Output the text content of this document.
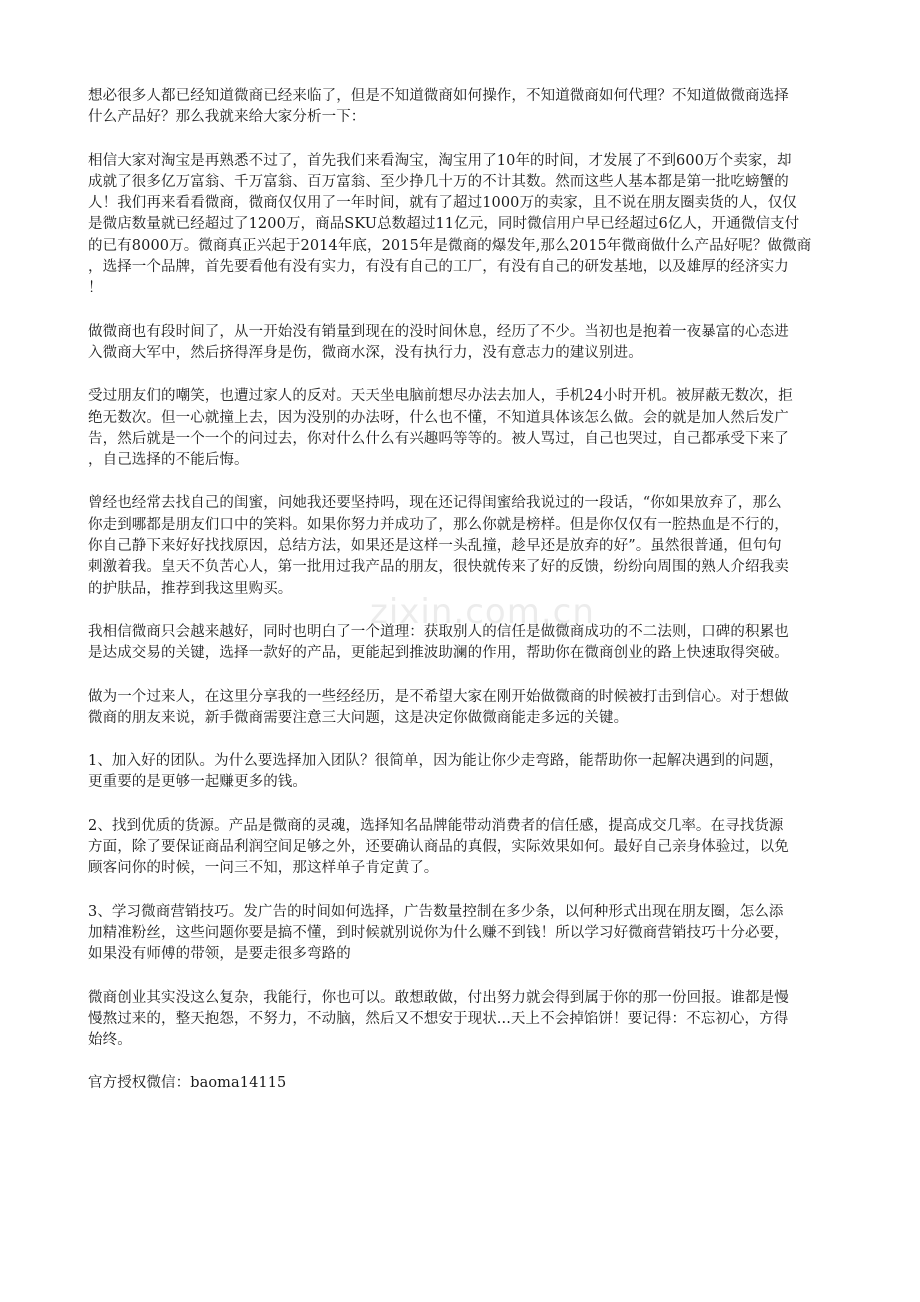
想必很多人都已经知道微商已经来临了，但是不知道微商如何操作，不知道微商如何代理？不知道做微商选择
什么产品好？那么我就来给大家分析一下：

相信大家对淘宝是再熟悉不过了，首先我们来看淘宝，淘宝用了10年的时间，才发展了不到600万个卖家，却
成就了很多亿万富翁、千万富翁、百万富翁、至少挣几十万的不计其数。然而这些人基本都是第一批吃螃蟹的
人！我们再来看看微商，微商仅仅用了一年时间，就有了超过1000万的卖家，且不说在朋友圈卖货的人，仅仅
是微店数量就已经超过了1200万，商品SKU总数超过11亿元，同时微信用户早已经超过6亿人，开通微信支付
的已有8000万。微商真正兴起于2014年底，2015年是微商的爆发年,那么2015年微商做什么产品好呢？做微商
，选择一个品牌，首先要看他有没有实力，有没有自己的工厂，有没有自己的研发基地，以及雄厚的经济实力
！

做微商也有段时间了，从一开始没有销量到现在的没时间休息，经历了不少。当初也是抱着一夜暴富的心态进
入微商大军中，然后挤得浑身是伤，微商水深，没有执行力，没有意志力的建议别进。

受过朋友们的嘲笑，也遭过家人的反对。天天坐电脑前想尽办法去加人，手机24小时开机。被屏蔽无数次，拒
绝无数次。但一心就撞上去，因为没别的办法呀，什么也不懂，不知道具体该怎么做。会的就是加人然后发广
告，然后就是一个一个的问过去，你对什么什么有兴趣吗等等的。被人骂过，自己也哭过，自己都承受下来了
，自己选择的不能后悔。

曾经也经常去找自己的闺蜜，问她我还要坚持吗，现在还记得闺蜜给我说过的一段话，“你如果放弃了，那么
你走到哪都是朋友们口中的笑料。如果你努力并成功了，那么你就是榜样。但是你仅仅有一腔热血是不行的，
你自己静下来好好找找原因，总结方法，如果还是这样一头乱撞，趁早还是放弃的好”。虽然很普通，但句句
刺激着我。皇天不负苦心人，第一批用过我产品的朋友，很快就传来了好的反馈，纷纷向周围的熟人介绍我卖
的护肤品，推荐到我这里购买。

我相信微商只会越来越好，同时也明白了一个道理：获取别人的信任是做微商成功的不二法则，口碑的积累也
是达成交易的关键，选择一款好的产品，更能起到推波助澜的作用，帮助你在微商创业的路上快速取得突破。

做为一个过来人，在这里分享我的一些经经历，是不希望大家在刚开始做微商的时候被打击到信心。对于想做
微商的朋友来说，新手微商需要注意三大问题，这是决定你做微商能走多远的关键。

1、加入好的团队。为什么要选择加入团队？很简单，因为能让你少走弯路，能帮助你一起解决遇到的问题，
更重要的是更够一起赚更多的钱。

2、找到优质的货源。产品是微商的灵魂，选择知名品牌能带动消费者的信任感，提高成交几率。在寻找货源
方面，除了要保证商品利润空间足够之外，还要确认商品的真假，实际效果如何。最好自己亲身体验过，以免
顾客问你的时候，一问三不知，那这样单子肯定黄了。

3、学习微商营销技巧。发广告的时间如何选择，广告数量控制在多少条，以何种形式出现在朋友圈，怎么添
加精准粉丝，这些问题你要是搞不懂，到时候就别说你为什么赚不到钱！所以学习好微商营销技巧十分必要，
如果没有师傅的带领，是要走很多弯路的

微商创业其实没这么复杂，我能行，你也可以。敢想敢做，付出努力就会得到属于你的那一份回报。谁都是慢
慢熬过来的，整天抱怨，不努力，不动脑，然后又不想安于现状...天上不会掉馅饼！要记得：不忘初心，方得
始终。

官方授权微信：baoma14115

zixin.com.cn
